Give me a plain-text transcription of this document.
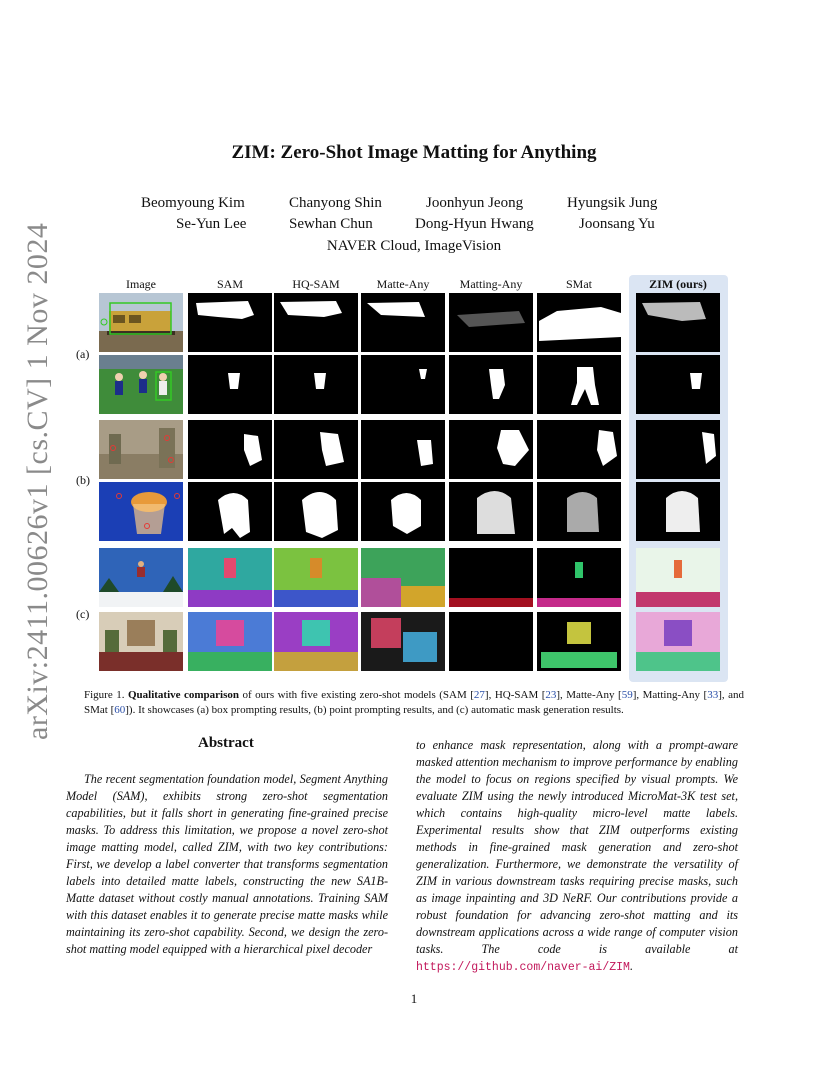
arXiv:2411.00626v1 [cs.CV] 1 Nov 2024
ZIM: Zero-Shot Image Matting for Anything
Beomyoung Kim	Chanyong Shin	Joonhyun Jeong	Hyungsik Jung
Se-Yun Lee	Sewhan Chun	Dong-Hyun Hwang	Joonsang Yu
NAVER Cloud, ImageVision
Image	SAM	HQ-SAM	Matte-Any	Matting-Any	SMat	ZIM (ours)
(a)
(b)
(c)
Figure 1. Qualitative comparison of ours with five existing zero-shot models (SAM [27], HQ-SAM [23], Matte-Any [59], Matting-Any [33], and SMat [60]). It showcases (a) box prompting results, (b) point prompting results, and (c) automatic mask generation results.
Abstract
The recent segmentation foundation model, Segment Anything Model (SAM), exhibits strong zero-shot segmentation capabilities, but it falls short in generating fine-grained precise masks. To address this limitation, we propose a novel zero-shot image matting model, called ZIM, with two key contributions: First, we develop a label converter that transforms segmentation labels into detailed matte labels, constructing the new SA1B-Matte dataset without costly manual annotations. Training SAM with this dataset enables it to generate precise matte masks while maintaining its zero-shot capability. Second, we design the zero-shot matting model equipped with a hierarchical pixel decoder
to enhance mask representation, along with a prompt-aware masked attention mechanism to improve performance by enabling the model to focus on regions specified by visual prompts. We evaluate ZIM using the newly introduced MicroMat-3K test set, which contains high-quality micro-level matte labels. Experimental results show that ZIM outperforms existing methods in fine-grained mask generation and zero-shot generalization. Furthermore, we demonstrate the versatility of ZIM in various downstream tasks requiring precise masks, such as image inpainting and 3D NeRF. Our contributions provide a robust foundation for advancing zero-shot matting and its downstream applications across a wide range of computer vision tasks. The code is available at https://github.com/naver-ai/ZIM.
1
